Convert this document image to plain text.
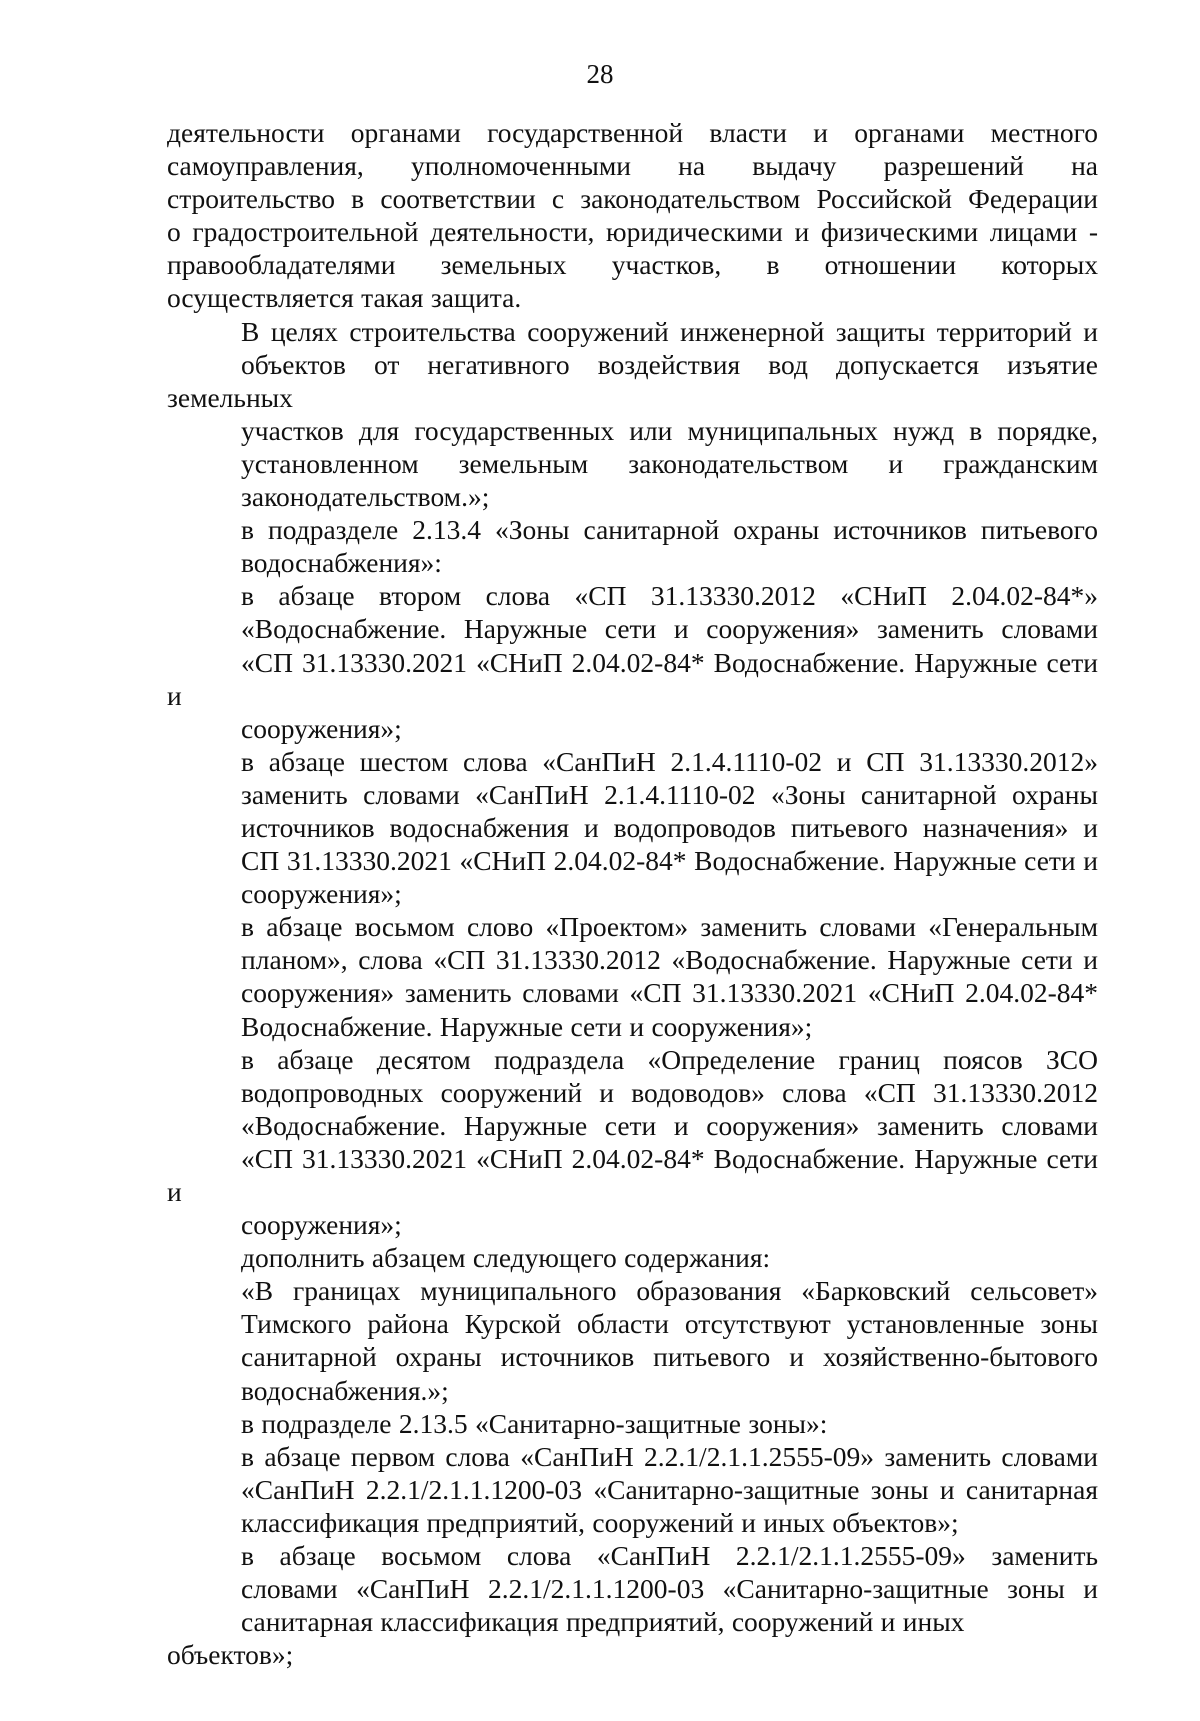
28

деятельности органами государственной власти и органами местного
самоуправления, уполномоченными на выдачу разрешений на
строительство в соответствии с законодательством Российской Федерации
о градостроительной деятельности, юридическими и физическими лицами -
правообладателями земельных участков, в отношении которых
осуществляется такая защита.

В целях строительства сооружений инженерной защиты территорий и
объектов от негативного воздействия вод допускается изъятие земельных
участков для государственных или муниципальных нужд в порядке,
установленном земельным законодательством и гражданским
законодательством.»;

в подразделе 2.13.4 «Зоны санитарной охраны источников питьевого
водоснабжения»:

в абзаце втором слова «СП 31.13330.2012 «СНиП 2.04.02-84*»
«Водоснабжение. Наружные сети и сооружения» заменить словами
«СП 31.13330.2021 «СНиП 2.04.02-84* Водоснабжение. Наружные сети и
сооружения»;

в абзаце шестом слова «СанПиН 2.1.4.1110-02 и СП 31.13330.2012»
заменить словами «СанПиН 2.1.4.1110-02 «Зоны санитарной охраны
источников водоснабжения и водопроводов питьевого назначения» и
СП 31.13330.2021 «СНиП 2.04.02-84* Водоснабжение. Наружные сети и
сооружения»;

в абзаце восьмом слово «Проектом» заменить словами «Генеральным
планом», слова «СП 31.13330.2012 «Водоснабжение. Наружные сети и
сооружения» заменить словами «СП 31.13330.2021 «СНиП 2.04.02-84*
Водоснабжение. Наружные сети и сооружения»;

в абзаце десятом подраздела «Определение границ поясов ЗСО
водопроводных сооружений и водоводов» слова «СП 31.13330.2012
«Водоснабжение. Наружные сети и сооружения» заменить словами
«СП 31.13330.2021 «СНиП 2.04.02-84* Водоснабжение. Наружные сети и
сооружения»;

дополнить абзацем следующего содержания:

«В границах муниципального образования «Барковский сельсовет»
Тимского района Курской области отсутствуют установленные зоны
санитарной охраны источников питьевого и хозяйственно-бытового
водоснабжения.»;

в подразделе 2.13.5 «Санитарно-защитные зоны»:

в абзаце первом слова «СанПиН 2.2.1/2.1.1.2555-09» заменить словами
«СанПиН 2.2.1/2.1.1.1200-03 «Санитарно-защитные зоны и санитарная
классификация предприятий, сооружений и иных объектов»;

в абзаце восьмом слова «СанПиН 2.2.1/2.1.1.2555-09» заменить
словами «СанПиН 2.2.1/2.1.1.1200-03 «Санитарно-защитные зоны и
санитарная классификация предприятий, сооружений и иных объектов»;
